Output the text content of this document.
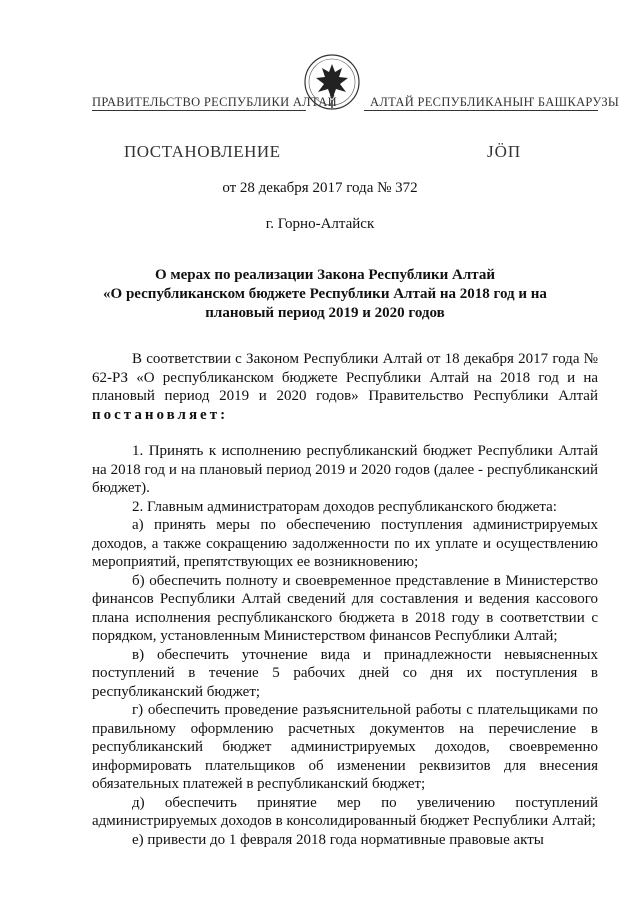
ПРАВИТЕЛЬСТВО РЕСПУБЛИКИ АЛТАЙ	АЛТАЙ РЕСПУБЛИКАНЫҤ БАШКАРУЗЫ
ПОСТАНОВЛЕНИЕ	ЈӦП
от 28 декабря 2017 года № 372
г. Горно-Алтайск
О мерах по реализации Закона Республики Алтай
«О республиканском бюджете Республики Алтай на 2018 год и на
плановый период 2019 и 2020 годов

В соответствии с Законом Республики Алтай от 18 декабря 2017 года № 62-РЗ «О республиканском бюджете Республики Алтай на 2018 год и на плановый период 2019 и 2020 годов» Правительство Республики Алтай постановляет:

1. Принять к исполнению республиканский бюджет Республики Алтай на 2018 год и на плановый период 2019 и 2020 годов (далее - республиканский бюджет).

2. Главным администраторам доходов республиканского бюджета:

а) принять меры по обеспечению поступления администрируемых доходов, а также сокращению задолженности по их уплате и осуществлению мероприятий, препятствующих ее возникновению;

б) обеспечить полноту и своевременное представление в Министерство финансов Республики Алтай сведений для составления и ведения кассового плана исполнения республиканского бюджета в 2018 году в соответствии с порядком, установленным Министерством финансов Республики Алтай;

в) обеспечить уточнение вида и принадлежности невыясненных поступлений в течение 5 рабочих дней со дня их поступления в республиканский бюджет;

г) обеспечить проведение разъяснительной работы с плательщиками по правильному оформлению расчетных документов на перечисление в республиканский бюджет администрируемых доходов, своевременно информировать плательщиков об изменении реквизитов для внесения обязательных платежей в республиканский бюджет;

д) обеспечить принятие мер по увеличению поступлений администрируемых доходов в консолидированный бюджет Республики Алтай;

е) привести до 1 февраля 2018 года нормативные правовые акты
